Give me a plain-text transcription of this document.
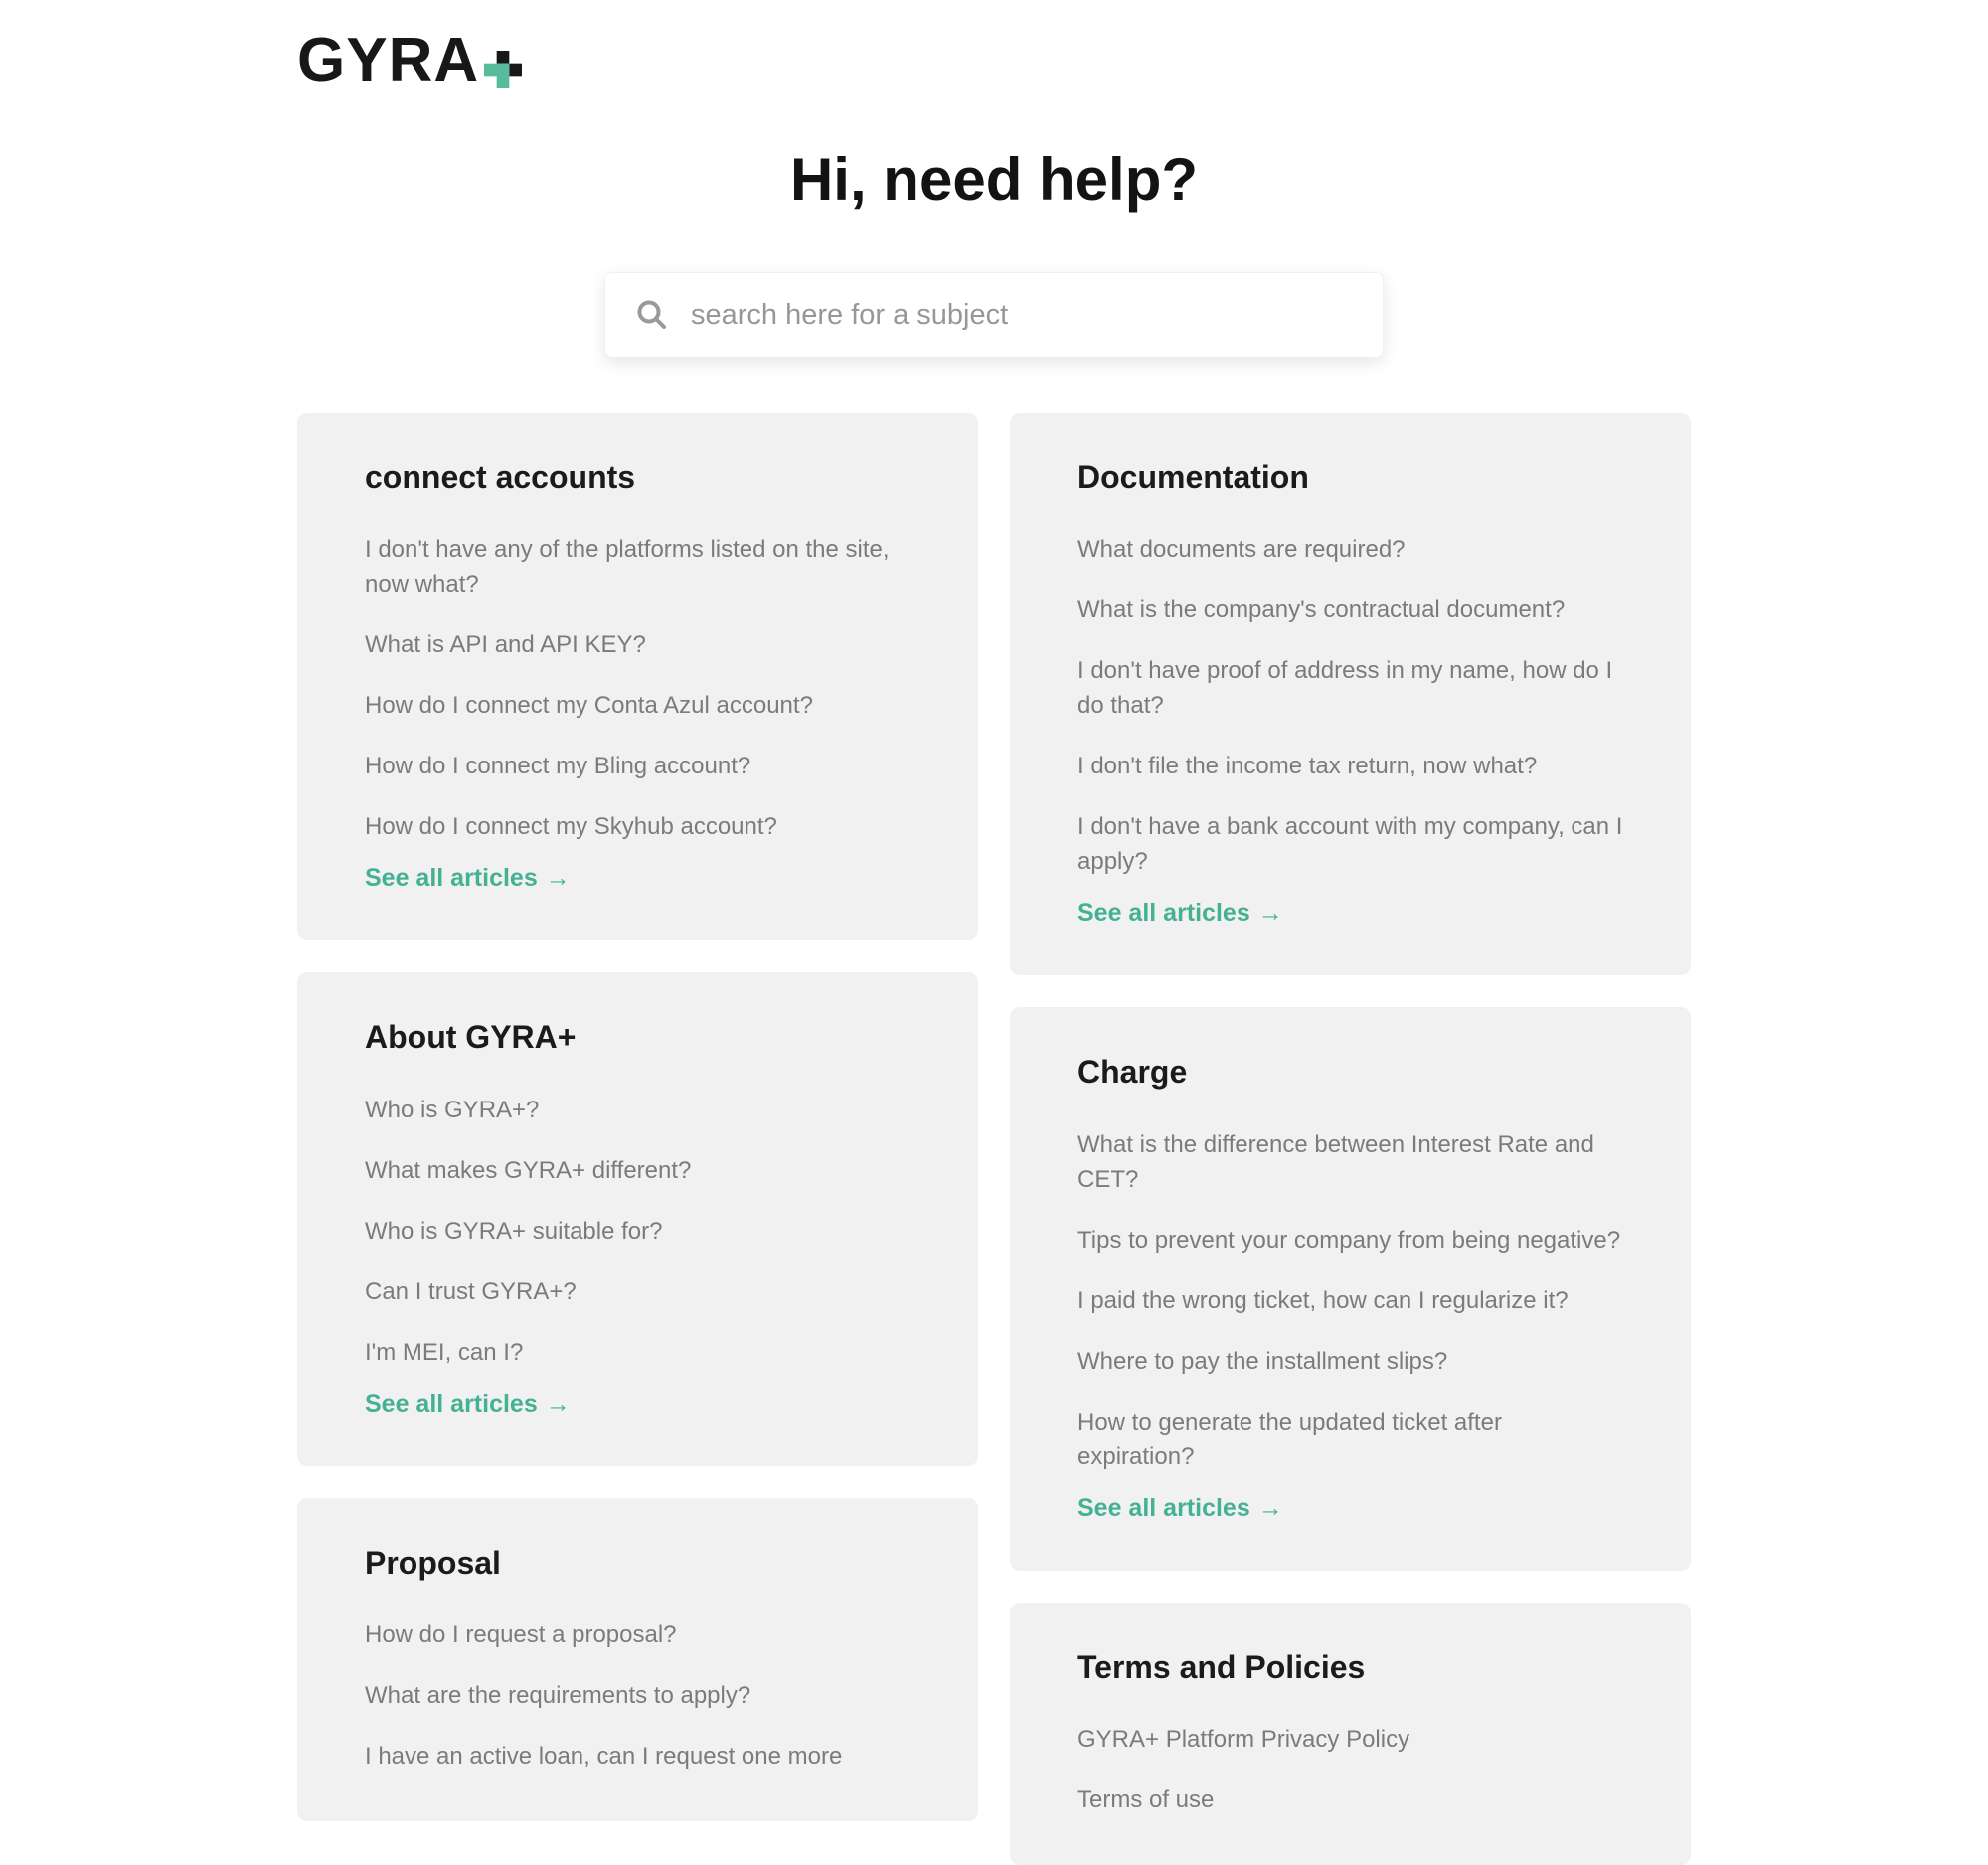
GYRA
Hi, need help?
search here for a subject
connect accounts
I don't have any of the platforms listed on the site, now what?
What is API and API KEY?
How do I connect my Conta Azul account?
How do I connect my Bling account?
How do I connect my Skyhub account?
See all articles →
About GYRA+
Who is GYRA+?
What makes GYRA+ different?
Who is GYRA+ suitable for?
Can I trust GYRA+?
I'm MEI, can I?
See all articles →
Proposal
How do I request a proposal?
What are the requirements to apply?
I have an active loan, can I request one more
Documentation
What documents are required?
What is the company's contractual document?
I don't have proof of address in my name, how do I do that?
I don't file the income tax return, now what?
I don't have a bank account with my company, can I apply?
See all articles →
Charge
What is the difference between Interest Rate and CET?
Tips to prevent your company from being negative?
I paid the wrong ticket, how can I regularize it?
Where to pay the installment slips?
How to generate the updated ticket after expiration?
See all articles →
Terms and Policies
GYRA+ Platform Privacy Policy
Terms of use
